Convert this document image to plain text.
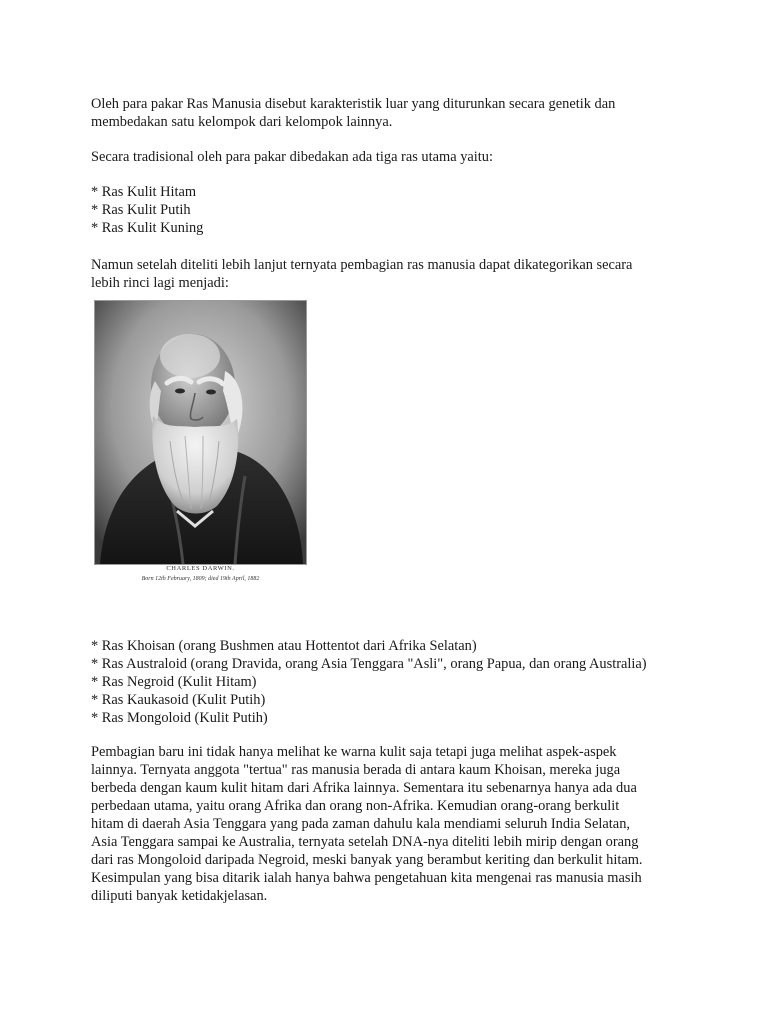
Oleh para pakar Ras Manusia disebut karakteristik luar yang diturunkan secara genetik dan
membedakan satu kelompok dari kelompok lainnya.

Secara tradisional oleh para pakar dibedakan ada tiga ras utama yaitu:

* Ras Kulit Hitam
* Ras Kulit Putih
* Ras Kulit Kuning

Namun setelah diteliti lebih lanjut ternyata pembagian ras manusia dapat dikategorikan secara
lebih rinci lagi menjadi:

CHARLES DARWIN.
Born 12th February, 1809; died 19th April, 1882
* Ras Khoisan (orang Bushmen atau Hottentot dari Afrika Selatan)
* Ras Australoid (orang Dravida, orang Asia Tenggara "Asli", orang Papua, dan orang Australia)
* Ras Negroid (Kulit Hitam)
* Ras Kaukasoid (Kulit Putih)
* Ras Mongoloid (Kulit Putih)

Pembagian baru ini tidak hanya melihat ke warna kulit saja tetapi juga melihat aspek-aspek
lainnya. Ternyata anggota "tertua" ras manusia berada di antara kaum Khoisan, mereka juga
berbeda dengan kaum kulit hitam dari Afrika lainnya. Sementara itu sebenarnya hanya ada dua
perbedaan utama, yaitu orang Afrika dan orang non-Afrika. Kemudian orang-orang berkulit
hitam di daerah Asia Tenggara yang pada zaman dahulu kala mendiami seluruh India Selatan,
Asia Tenggara sampai ke Australia, ternyata setelah DNA-nya diteliti lebih mirip dengan orang
dari ras Mongoloid daripada Negroid, meski banyak yang berambut keriting dan berkulit hitam.
Kesimpulan yang bisa ditarik ialah hanya bahwa pengetahuan kita mengenai ras manusia masih
diliputi banyak ketidakjelasan.
